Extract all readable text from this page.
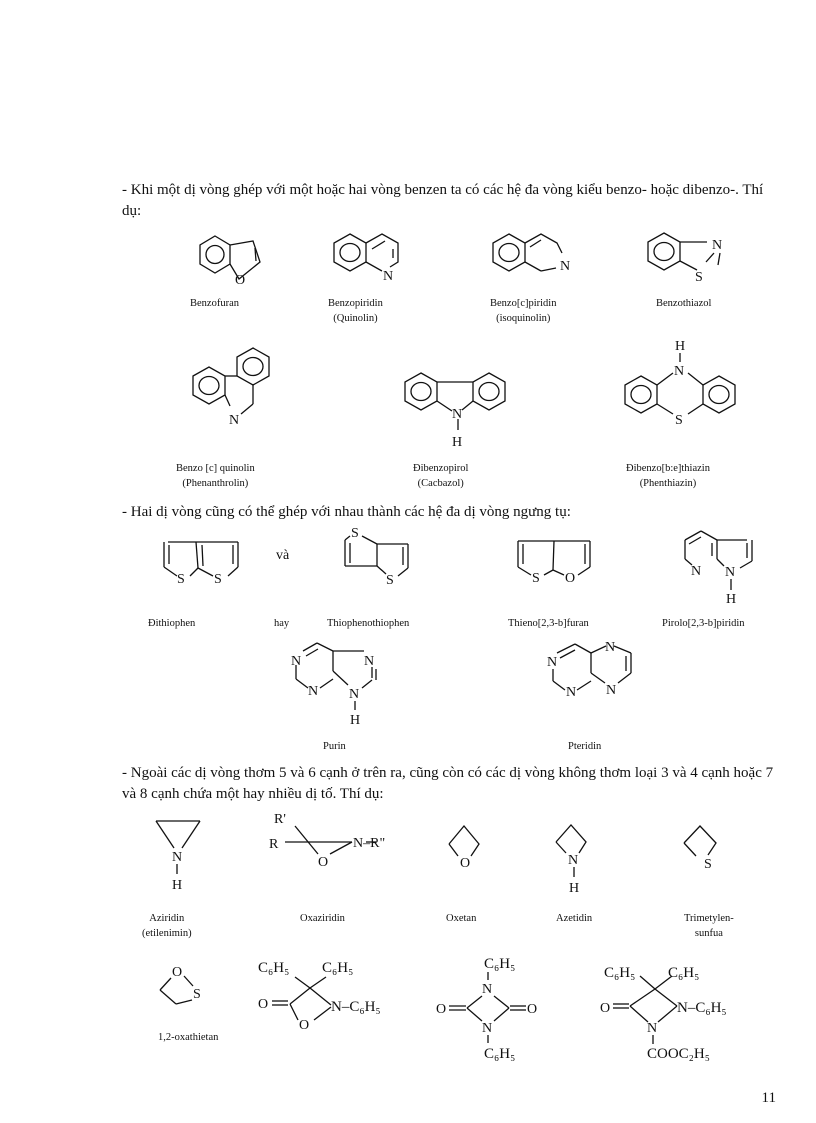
- Khi một dị vòng ghép với một hoặc hai vòng benzen ta có các hệ đa vòng kiểu benzo- hoặc dibenzo-. Thí dụ:

O	N
N
N
S
N	N
H
H
N
S
S S
S
S	S O	N N
H
N	N
N N
H
N
N
N N
N
H
R'
R
O
N–R"
O	N
H
S
O
S
C₆H₅ C₆H₅
O
O
N–C₆H₅
C₆H₅
N
O	O
N
C₆H₅
C₆H₅ C₆H₅
O	N–C₆H₅
N
COOC₂H₅
Benzofuran	Benzopiridin
(Quinolin)
Benzo[c]piridin
(isoquinolin)
Benzothiazol
Benzo [c] quinolin
(Phenanthrolin)
Đibenzopirol
(Cacbazol)
Đibenzo[b:e]thiazin
(Phenthiazin)

- Hai dị vòng cũng có thể ghép với nhau thành các hệ đa dị vòng ngưng tụ:

và
Đithiophen	hay	Thiophenothiophen	Thieno[2,3-b]furan	Pirolo[2,3-b]piridin
Purin	Pteridin

- Ngoài các dị vòng thơm 5 và 6 cạnh ở trên ra, cũng còn có các dị vòng không thơm loại 3 và 4 cạnh hoặc 7 và 8 cạnh chứa một hay nhiều dị tố. Thí dụ:

Aziridin
(etilenimin)
Oxaziridin	Oxetan	Azetidin	Trimetylen-
sunfua
1,2-oxathietan
11
